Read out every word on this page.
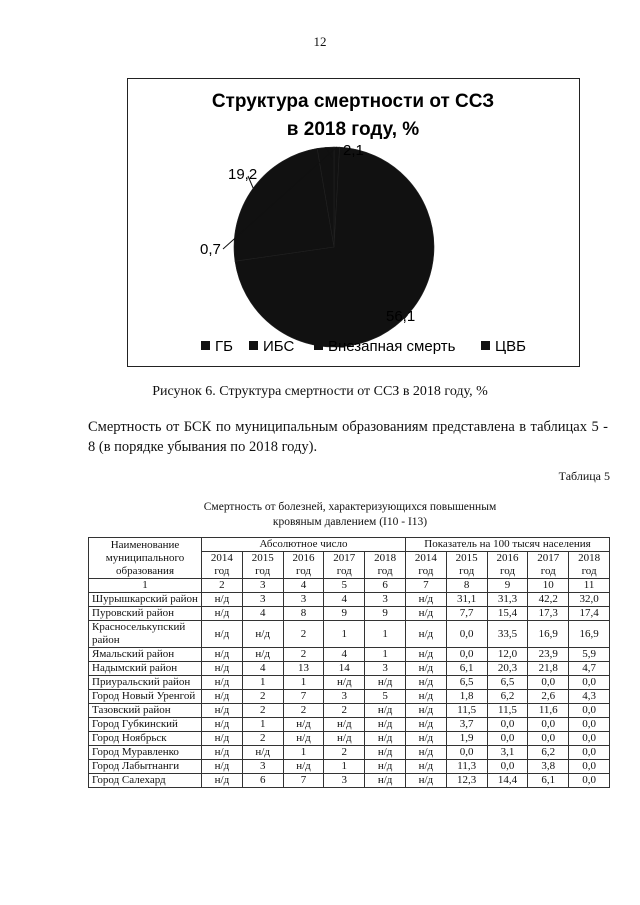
12
Структура смертности от ССЗ
в 2018 году, %
0,7
56,1
19,2
2,1
ГБ ИБС Внезапная смерть	ЦВБ
Рисунок 6. Структура смертности от ССЗ в 2018 году, %
Смертность от БСК по муниципальным образованиям представлена в таблицах 5 - 8 (в порядке убывания по 2018 году).
Таблица 5
Смертность от болезней, характеризующихся повышенным
кровяным давлением (I10 - I13)
Наименование муниципального образования	Абсолютное число					Показатель на 100 тысяч населения				
	2014 год	2015 год	2016 год	2017 год	2018 год	2014 год	2015 год	2016 год	2017 год	2018 год
1	2	3	4	5	6	7	8	9	10	11
Шурышкарский район	н/д	3	3	4	3	н/д	31,1	31,3	42,2	32,0
Пуровский район	н/д	4	8	9	9	н/д	7,7	15,4	17,3	17,4
Красноселькупский район	н/д	н/д	2	1	1	н/д	0,0	33,5	16,9	16,9
Ямальский район	н/д	н/д	2	4	1	н/д	0,0	12,0	23,9	5,9
Надымский район	н/д	4	13	14	3	н/д	6,1	20,3	21,8	4,7
Приуральский район	н/д	1	1	н/д	н/д	н/д	6,5	6,5	0,0	0,0
Город Новый Уренгой	н/д	2	7	3	5	н/д	1,8	6,2	2,6	4,3
Тазовский район	н/д	2	2	2	н/д	н/д	11,5	11,5	11,6	0,0
Город Губкинский	н/д	1	н/д	н/д	н/д	н/д	3,7	0,0	0,0	0,0
Город Ноябрьск	н/д	2	н/д	н/д	н/д	н/д	1,9	0,0	0,0	0,0
Город Муравленко	н/д	н/д	1	2	н/д	н/д	0,0	3,1	6,2	0,0
Город Лабытнанги	н/д	3	н/д	1	н/д	н/д	11,3	0,0	3,8	0,0
Город Салехард	н/д	6	7	3	н/д	н/д	12,3	14,4	6,1	0,0
